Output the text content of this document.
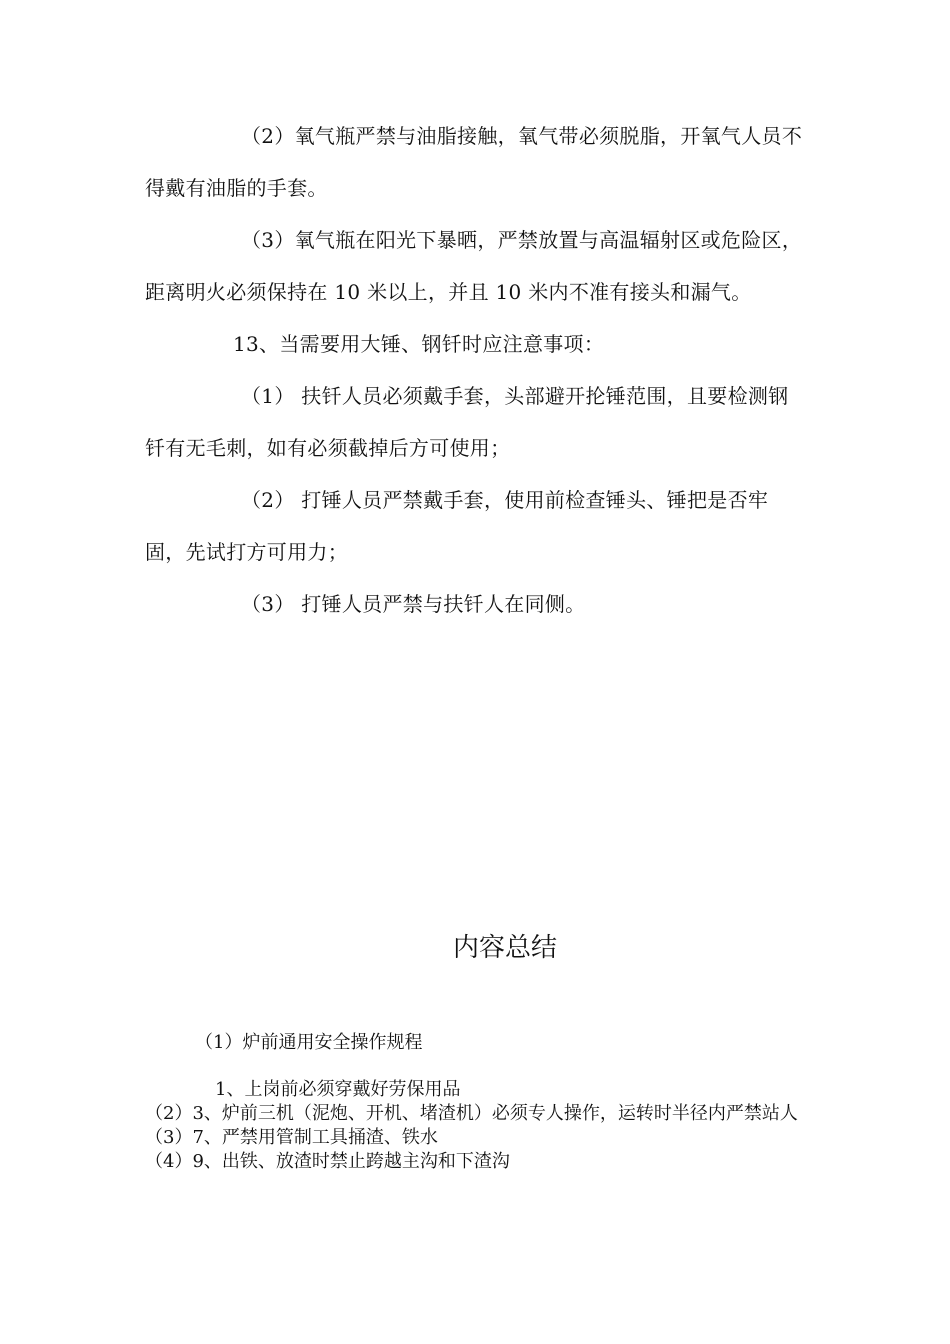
（2）氧气瓶严禁与油脂接触，氧气带必须脱脂，开氧气人员不得戴有油脂的手套。

（3）氧气瓶在阳光下暴晒，严禁放置与高温辐射区或危险区，距离明火必须保持在 10 米以上，并且 10 米内不准有接头和漏气。

13、当需要用大锤、钢钎时应注意事项：

（1） 扶钎人员必须戴手套，头部避开抡锤范围，且要检测钢钎有无毛刺，如有必须截掉后方可使用；

（2） 打锤人员严禁戴手套，使用前检查锤头、锤把是否牢固，先试打方可用力；

（3） 打锤人员严禁与扶钎人在同侧。

内容总结

（1）炉前通用安全操作规程

1、上岗前必须穿戴好劳保用品

（2）3、炉前三机（泥炮、开机、堵渣机）必须专人操作，运转时半径内严禁站人

（3）7、严禁用管制工具捅渣、铁水

（4）9、出铁、放渣时禁止跨越主沟和下渣沟
